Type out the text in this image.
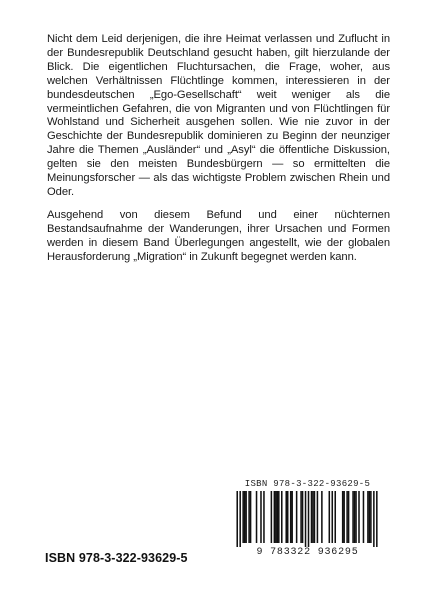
Nicht dem Leid derjenigen, die ihre Heimat verlassen und Zuflucht in der Bundesrepublik Deutschland gesucht haben, gilt hierzulande der Blick. Die eigentlichen Fluchtursachen, die Frage, woher, aus welchen Verhältnissen Flüchtlinge kommen, interessieren in der bundesdeutschen „Ego-Gesellschaft“ weit weniger als die vermeintlichen Gefahren, die von Migranten und von Flüchtlingen für Wohlstand und Sicherheit ausgehen sollen. Wie nie zuvor in der Geschichte der Bundesrepublik dominieren zu Beginn der neunziger Jahre die Themen „Ausländer“ und „Asyl“ die öffentliche Diskussion, gelten sie den meisten Bundesbürgern — so ermittelten die Meinungsforscher — als das wichtigste Problem zwischen Rhein und Oder.

Ausgehend von diesem Befund und einer nüchternen Bestandsaufnahme der Wanderungen, ihrer Ursachen und Formen werden in diesem Band Überlegungen angestellt, wie der globalen Herausforderung „Migration“ in Zukunft begegnet werden kann.

ISBN 978-3-322-93629-5
9 783322 936295
ISBN 978-3-322-93629-5
